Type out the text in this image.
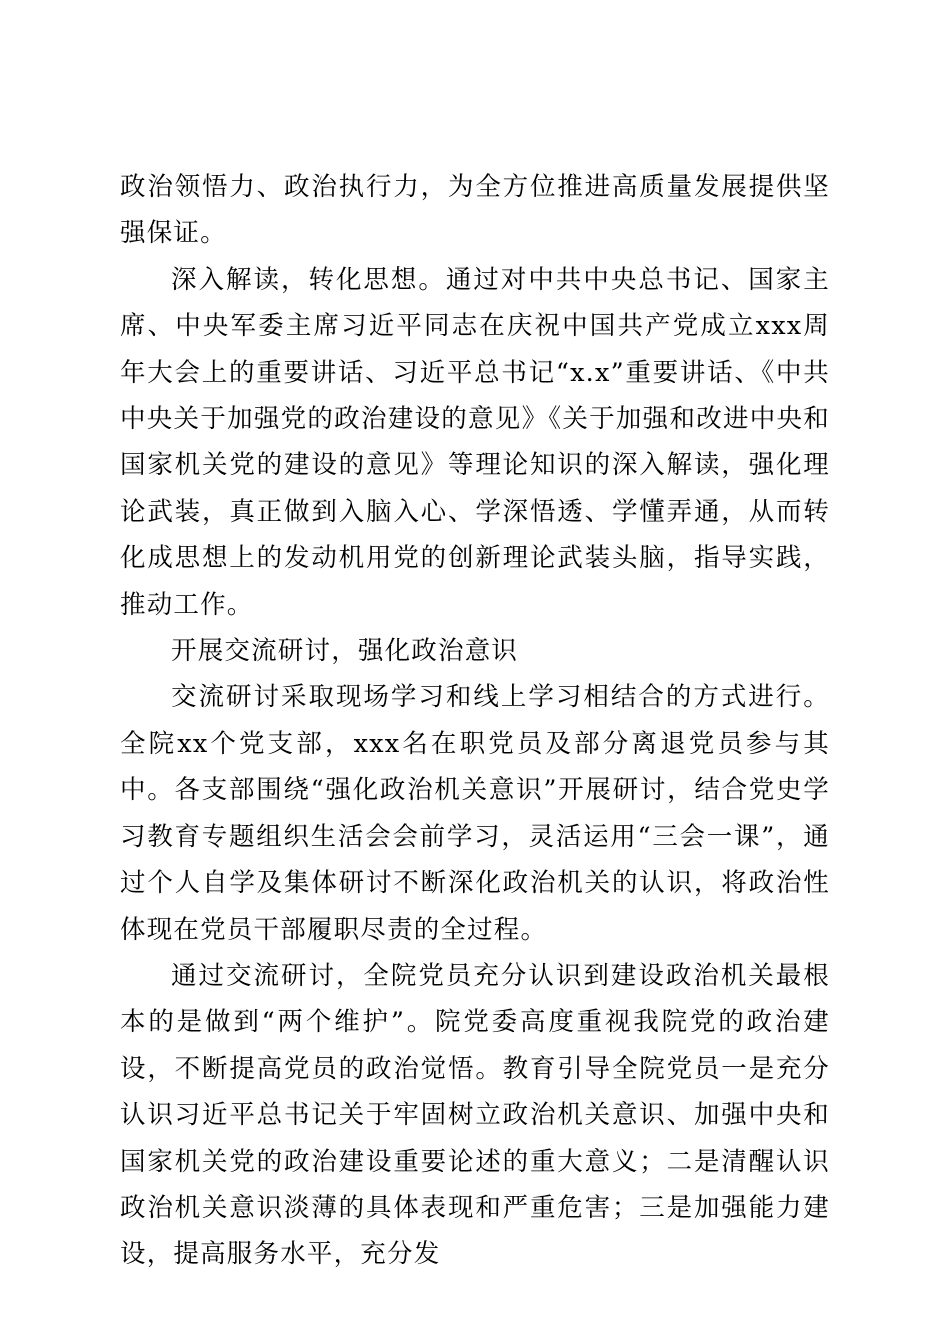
政治领悟力、政治执行力，为全方位推进高质量发展提供坚强保证。

深入解读，转化思想。通过对中共中央总书记、国家主席、中央军委主席习近平同志在庆祝中国共产党成立xxx周年大会上的重要讲话、习近平总书记“x.x”重要讲话、《中共中央关于加强党的政治建设的意见》《关于加强和改进中央和国家机关党的建设的意见》等理论知识的深入解读，强化理论武装，真正做到入脑入心、学深悟透、学懂弄通，从而转化成思想上的发动机用党的创新理论武装头脑，指导实践，推动工作。

开展交流研讨，强化政治意识

交流研讨采取现场学习和线上学习相结合的方式进行。全院xx个党支部，xxx名在职党员及部分离退党员参与其中。各支部围绕“强化政治机关意识”开展研讨，结合党史学习教育专题组织生活会会前学习，灵活运用“三会一课”，通过个人自学及集体研讨不断深化政治机关的认识，将政治性体现在党员干部履职尽责的全过程。

通过交流研讨，全院党员充分认识到建设政治机关最根本的是做到“两个维护”。院党委高度重视我院党的政治建设，不断提高党员的政治觉悟。教育引导全院党员一是充分认识习近平总书记关于牢固树立政治机关意识、加强中央和国家机关党的政治建设重要论述的重大意义；二是清醒认识政治机关意识淡薄的具体表现和严重危害；三是加强能力建设，提高服务水平，充分发
